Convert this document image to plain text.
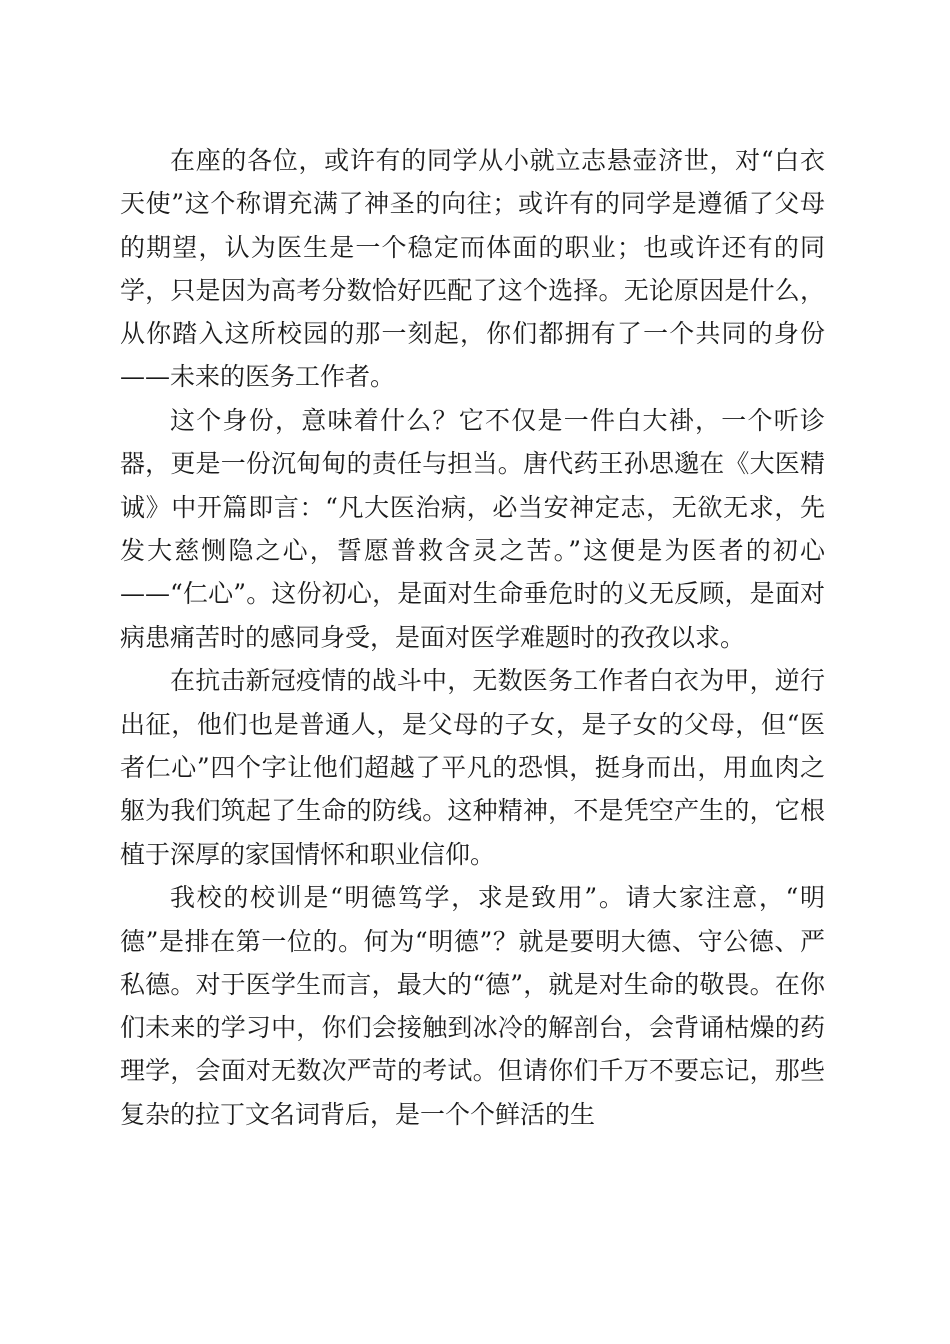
在座的各位，或许有的同学从小就立志悬壶济世，对“白衣天使”这个称谓充满了神圣的向往；或许有的同学是遵循了父母的期望，认为医生是一个稳定而体面的职业；也或许还有的同学，只是因为高考分数恰好匹配了这个选择。无论原因是什么，从你踏入这所校园的那一刻起，你们都拥有了一个共同的身份——未来的医务工作者。

这个身份，意味着什么？它不仅是一件白大褂，一个听诊器，更是一份沉甸甸的责任与担当。唐代药王孙思邈在《大医精诚》中开篇即言：“凡大医治病，必当安神定志，无欲无求，先发大慈恻隐之心，誓愿普救含灵之苦。”这便是为医者的初心——“仁心”。这份初心，是面对生命垂危时的义无反顾，是面对病患痛苦时的感同身受，是面对医学难题时的孜孜以求。

在抗击新冠疫情的战斗中，无数医务工作者白衣为甲，逆行出征，他们也是普通人，是父母的子女，是子女的父母，但“医者仁心”四个字让他们超越了平凡的恐惧，挺身而出，用血肉之躯为我们筑起了生命的防线。这种精神，不是凭空产生的，它根植于深厚的家国情怀和职业信仰。

我校的校训是“明德笃学，求是致用”。请大家注意，“明德”是排在第一位的。何为“明德”？就是要明大德、守公德、严私德。对于医学生而言，最大的“德”，就是对生命的敬畏。在你们未来的学习中，你们会接触到冰冷的解剖台，会背诵枯燥的药理学，会面对无数次严苛的考试。但请你们千万不要忘记，那些复杂的拉丁文名词背后，是一个个鲜活的生
